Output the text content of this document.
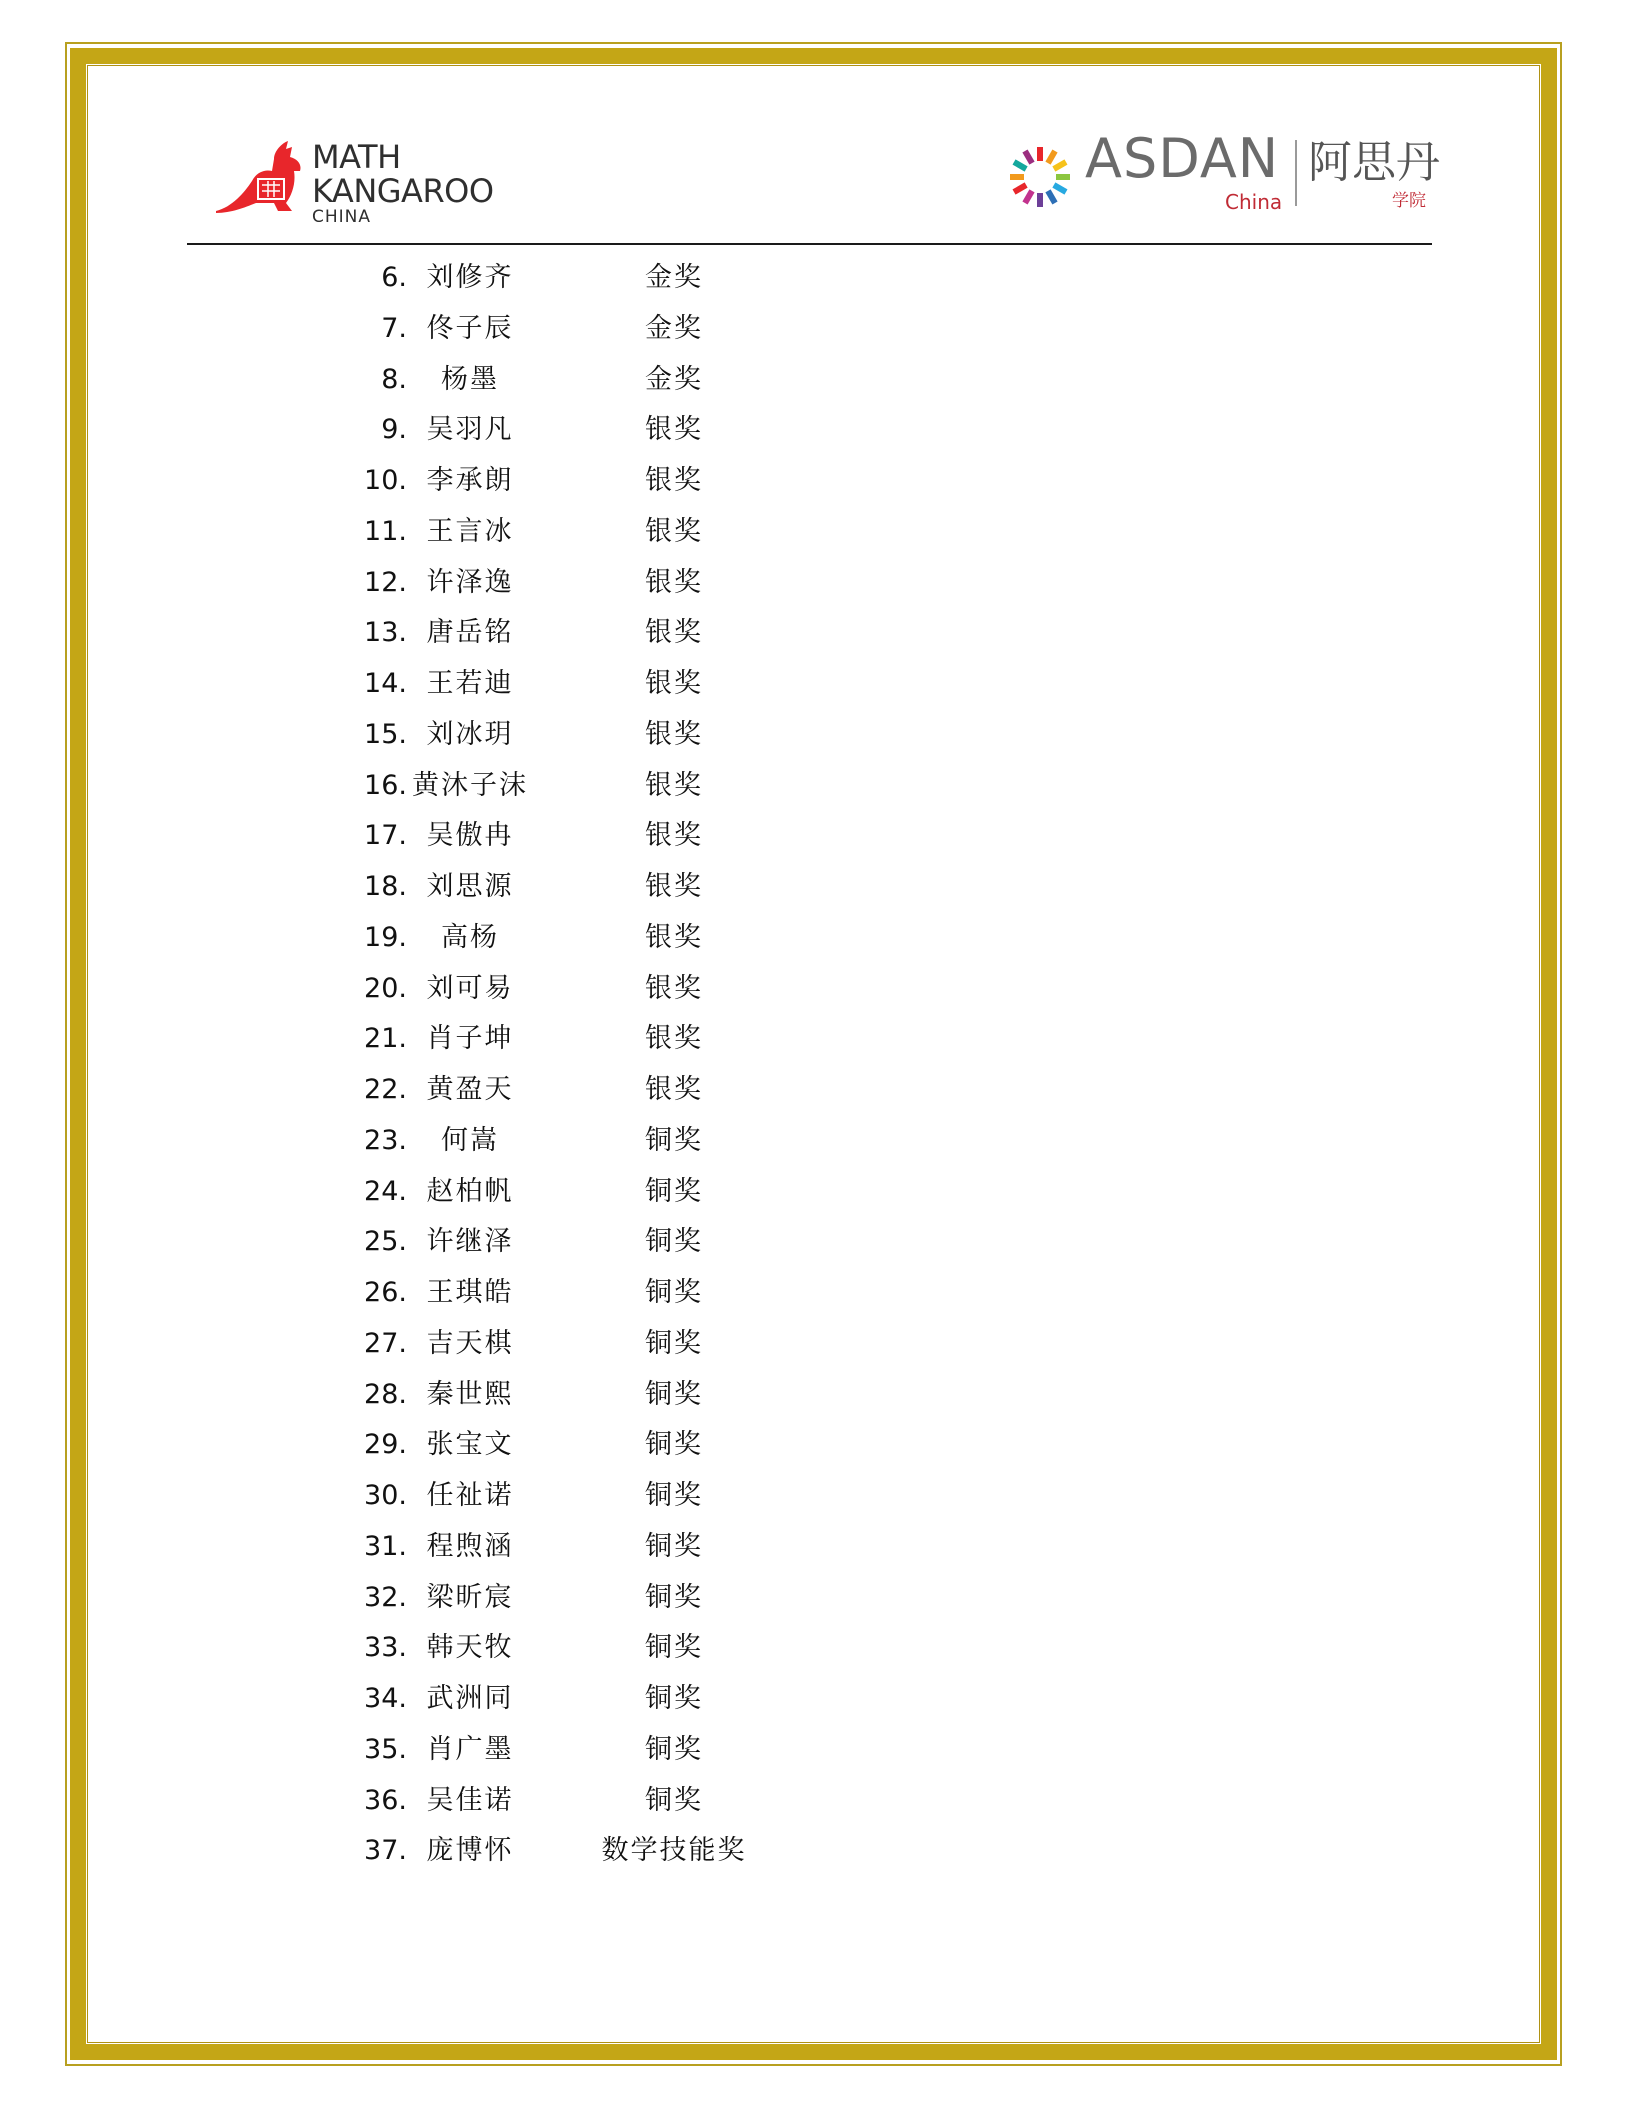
MATH
KANGAROO
CHINA
ASDAN
China
阿思丹
学院
6. 刘修齐	金奖
7. 佟子辰	金奖
8. 杨墨	金奖
9. 吴羽凡	银奖
10. 李承朗	银奖
11. 王言冰	银奖
12. 许泽逸	银奖
13. 唐岳铭	银奖
14. 王若迪	银奖
15. 刘冰玥	银奖
16. 黄沐子沫	银奖
17. 吴傲冉	银奖
18. 刘思源	银奖
19. 高杨	银奖
20. 刘可易	银奖
21. 肖子坤	银奖
22. 黄盈天	银奖
23. 何嵩	铜奖
24. 赵柏帆	铜奖
25. 许继泽	铜奖
26. 王琪皓	铜奖
27. 吉天棋	铜奖
28. 秦世熙	铜奖
29. 张宝文	铜奖
30. 任祉诺	铜奖
31. 程煦涵	铜奖
32. 梁昕宸	铜奖
33. 韩天牧	铜奖
34. 武洲同	铜奖
35. 肖广墨	铜奖
36. 吴佳诺	铜奖
37. 庞博怀	数学技能奖
